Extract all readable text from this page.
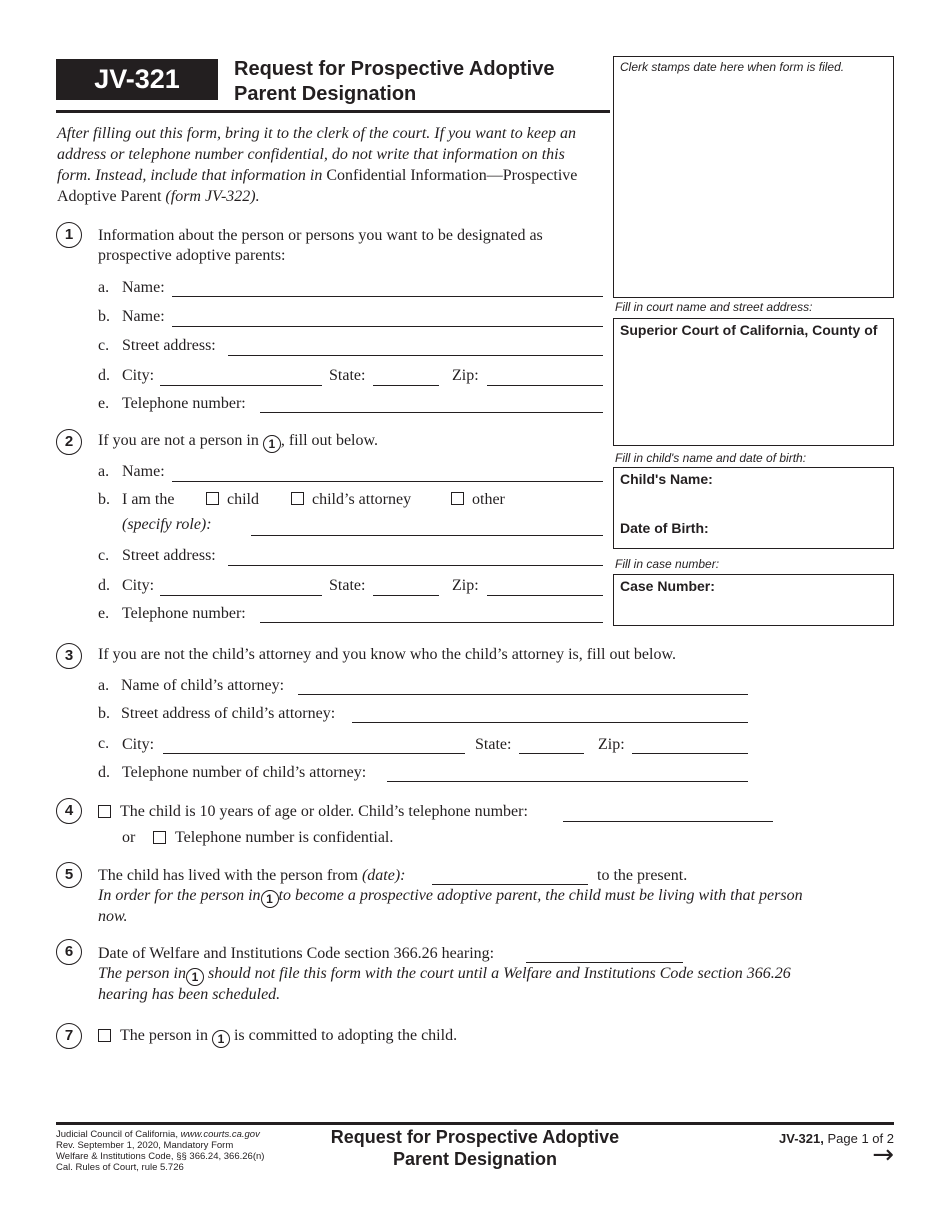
JV-321	Request for Prospective Adoptive
Parent Designation
After filling out this form, bring it to the clerk of the court. If you want to keep an address or telephone number confidential, do not write that information on this form. Instead, include that information in Confidential Information—Prospective Adoptive Parent (form JV-322).
Clerk stamps date here when form is filed.
Fill in court name and street address:
Superior Court of California, County of
Fill in child's name and date of birth:
Child's Name:
Date of Birth:
Fill in case number:
Case Number:
1	Information about the person or persons you want to be designated as
prospective adoptive parents:
a. Name:
b. Name:
c. Street address:
d. City:	State:	Zip:
e. Telephone number:
2	If you are not a person in 1 , fill out below.
a. Name:
b. I am the	child	child’s attorney	other
(specify role):
c. Street address:
d. City:	State:	Zip:
e. Telephone number:
3	If you are not the child’s attorney and you know who the child’s attorney is, fill out below.
a. Name of child’s attorney:
b. Street address of child’s attorney:
c. City:	State:	Zip:
d. Telephone number of child’s attorney:
4	The child is 10 years of age or older. Child’s telephone number:
or Telephone number is confidential.
5	The child has lived with the person from (date):	to the present.
In order for the person in 1 to become a prospective adoptive parent, the child must be living with that person
now.
6	Date of Welfare and Institutions Code section 366.26 hearing:
The person in 1 should not file this form with the court until a Welfare and Institutions Code section 366.26
hearing has been scheduled.
7	The person in 1 is committed to adopting the child.
Judicial Council of California, www.courts.ca.gov
Rev. September 1, 2020, Mandatory Form
Welfare & Institutions Code, §§ 366.24, 366.26(n)
Cal. Rules of Court, rule 5.726
Request for Prospective Adoptive
Parent Designation
JV-321, Page 1 of 2
→
